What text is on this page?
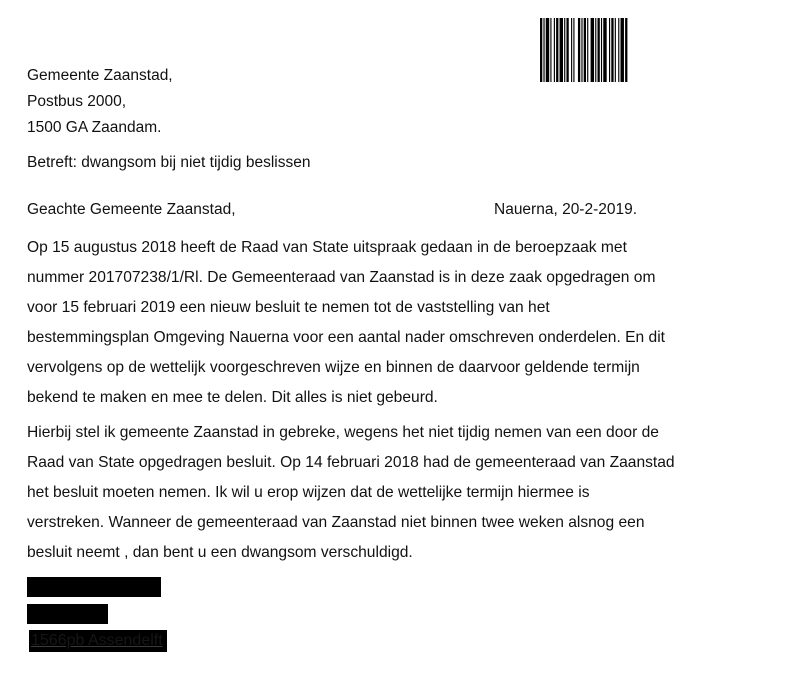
Gemeente Zaanstad,
Postbus 2000,
1500 GA Zaandam.
Betreft: dwangsom bij niet tijdig beslissen
Geachte Gemeente Zaanstad,	Nauerna, 20-2-2019.

Op 15 augustus 2018 heeft de Raad van State uitspraak gedaan in de beroepzaak met

nummer 201707238/1/Rl. De Gemeenteraad van Zaanstad is in deze zaak opgedragen om

voor 15 februari 2019 een nieuw besluit te nemen tot de vaststelling van het

bestemmingsplan Omgeving Nauerna voor een aantal nader omschreven onderdelen. En dit

vervolgens op de wettelijk voorgeschreven wijze en binnen de daarvoor geldende termijn

bekend te maken en mee te delen. Dit alles is niet gebeurd.

Hierbij stel ik gemeente Zaanstad in gebreke, wegens het niet tijdig nemen van een door de

Raad van State opgedragen besluit. Op 14 februari 2018 had de gemeenteraad van Zaanstad

het besluit moeten nemen. Ik wil u erop wijzen dat de wettelijke termijn hiermee is

verstreken. Wanneer de gemeenteraad van Zaanstad niet binnen twee weken alsnog een

besluit neemt , dan bent u een dwangsom verschuldigd.

1566pb Assendelft
